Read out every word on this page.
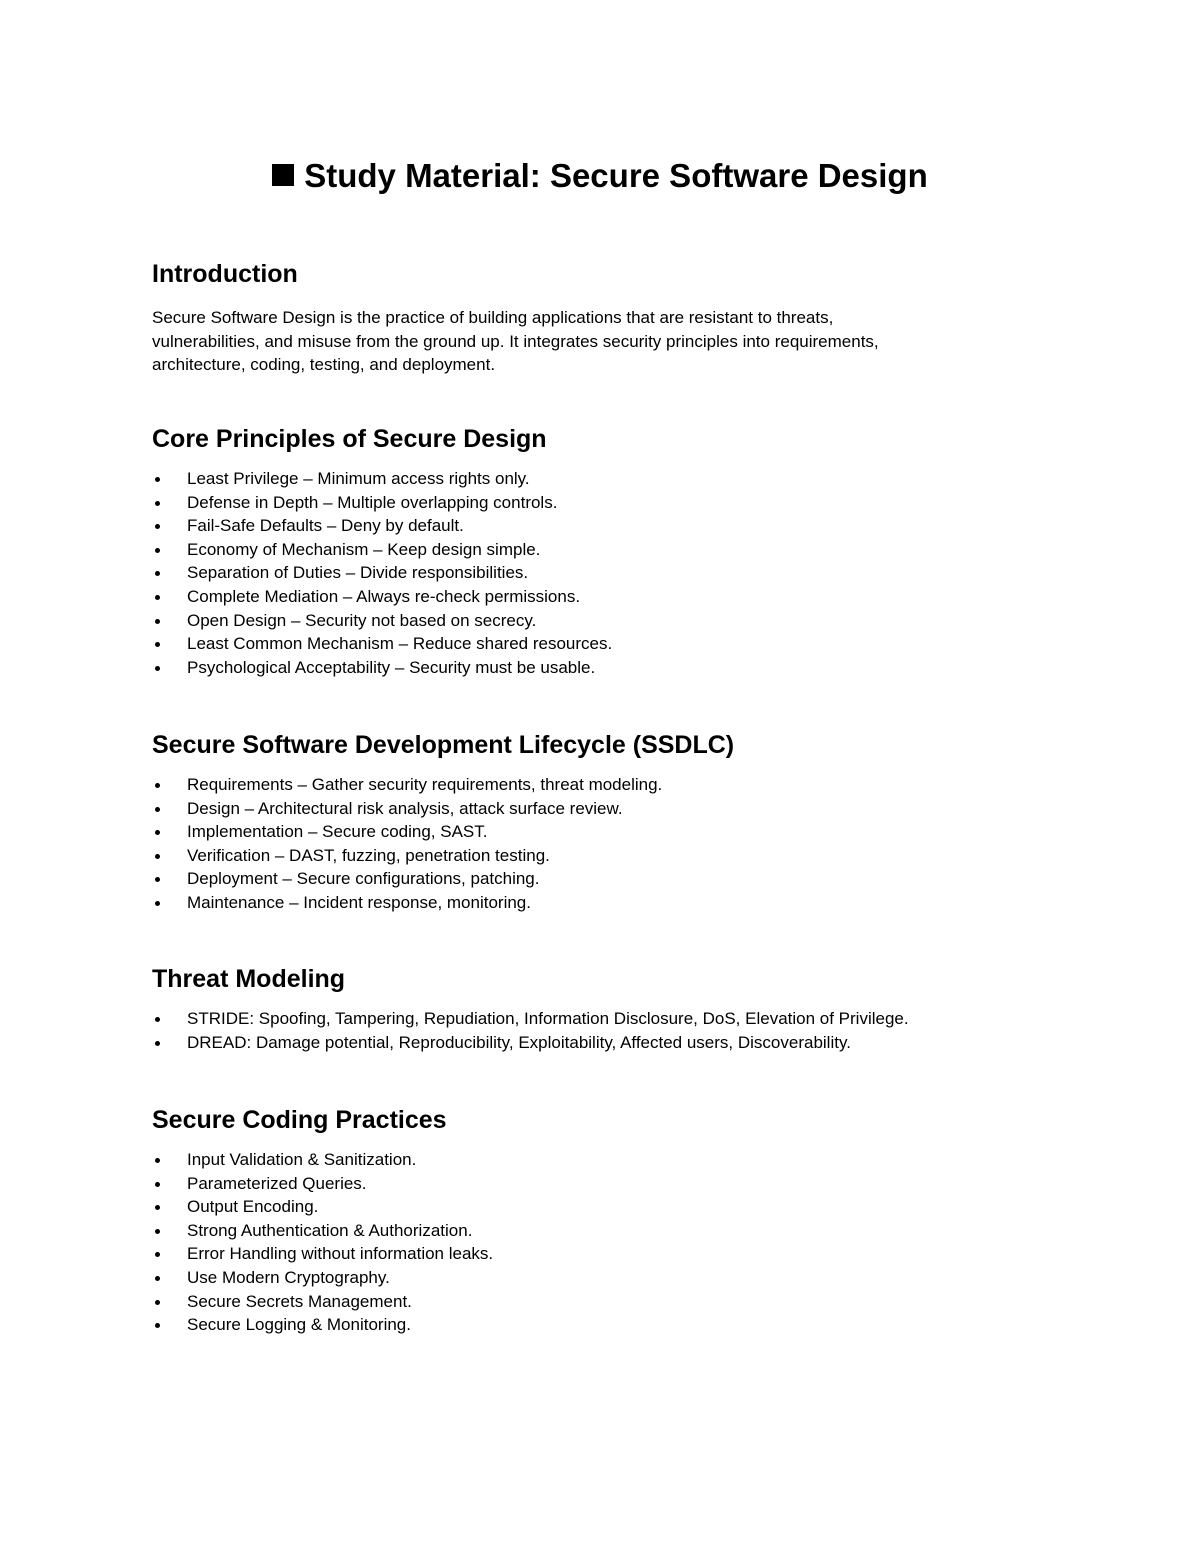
Study Material: Secure Software Design
Introduction

Secure Software Design is the practice of building applications that are resistant to threats,
vulnerabilities, and misuse from the ground up. It integrates security principles into requirements,
architecture, coding, testing, and deployment.

Core Principles of Secure Design
Least Privilege – Minimum access rights only.
Defense in Depth – Multiple overlapping controls.
Fail-Safe Defaults – Deny by default.
Economy of Mechanism – Keep design simple.
Separation of Duties – Divide responsibilities.
Complete Mediation – Always re-check permissions.
Open Design – Security not based on secrecy.
Least Common Mechanism – Reduce shared resources.
Psychological Acceptability – Security must be usable.
Secure Software Development Lifecycle (SSDLC)
Requirements – Gather security requirements, threat modeling.
Design – Architectural risk analysis, attack surface review.
Implementation – Secure coding, SAST.
Verification – DAST, fuzzing, penetration testing.
Deployment – Secure configurations, patching.
Maintenance – Incident response, monitoring.
Threat Modeling
STRIDE: Spoofing, Tampering, Repudiation, Information Disclosure, DoS, Elevation of Privilege.
DREAD: Damage potential, Reproducibility, Exploitability, Affected users, Discoverability.
Secure Coding Practices
Input Validation & Sanitization.
Parameterized Queries.
Output Encoding.
Strong Authentication & Authorization.
Error Handling without information leaks.
Use Modern Cryptography.
Secure Secrets Management.
Secure Logging & Monitoring.
